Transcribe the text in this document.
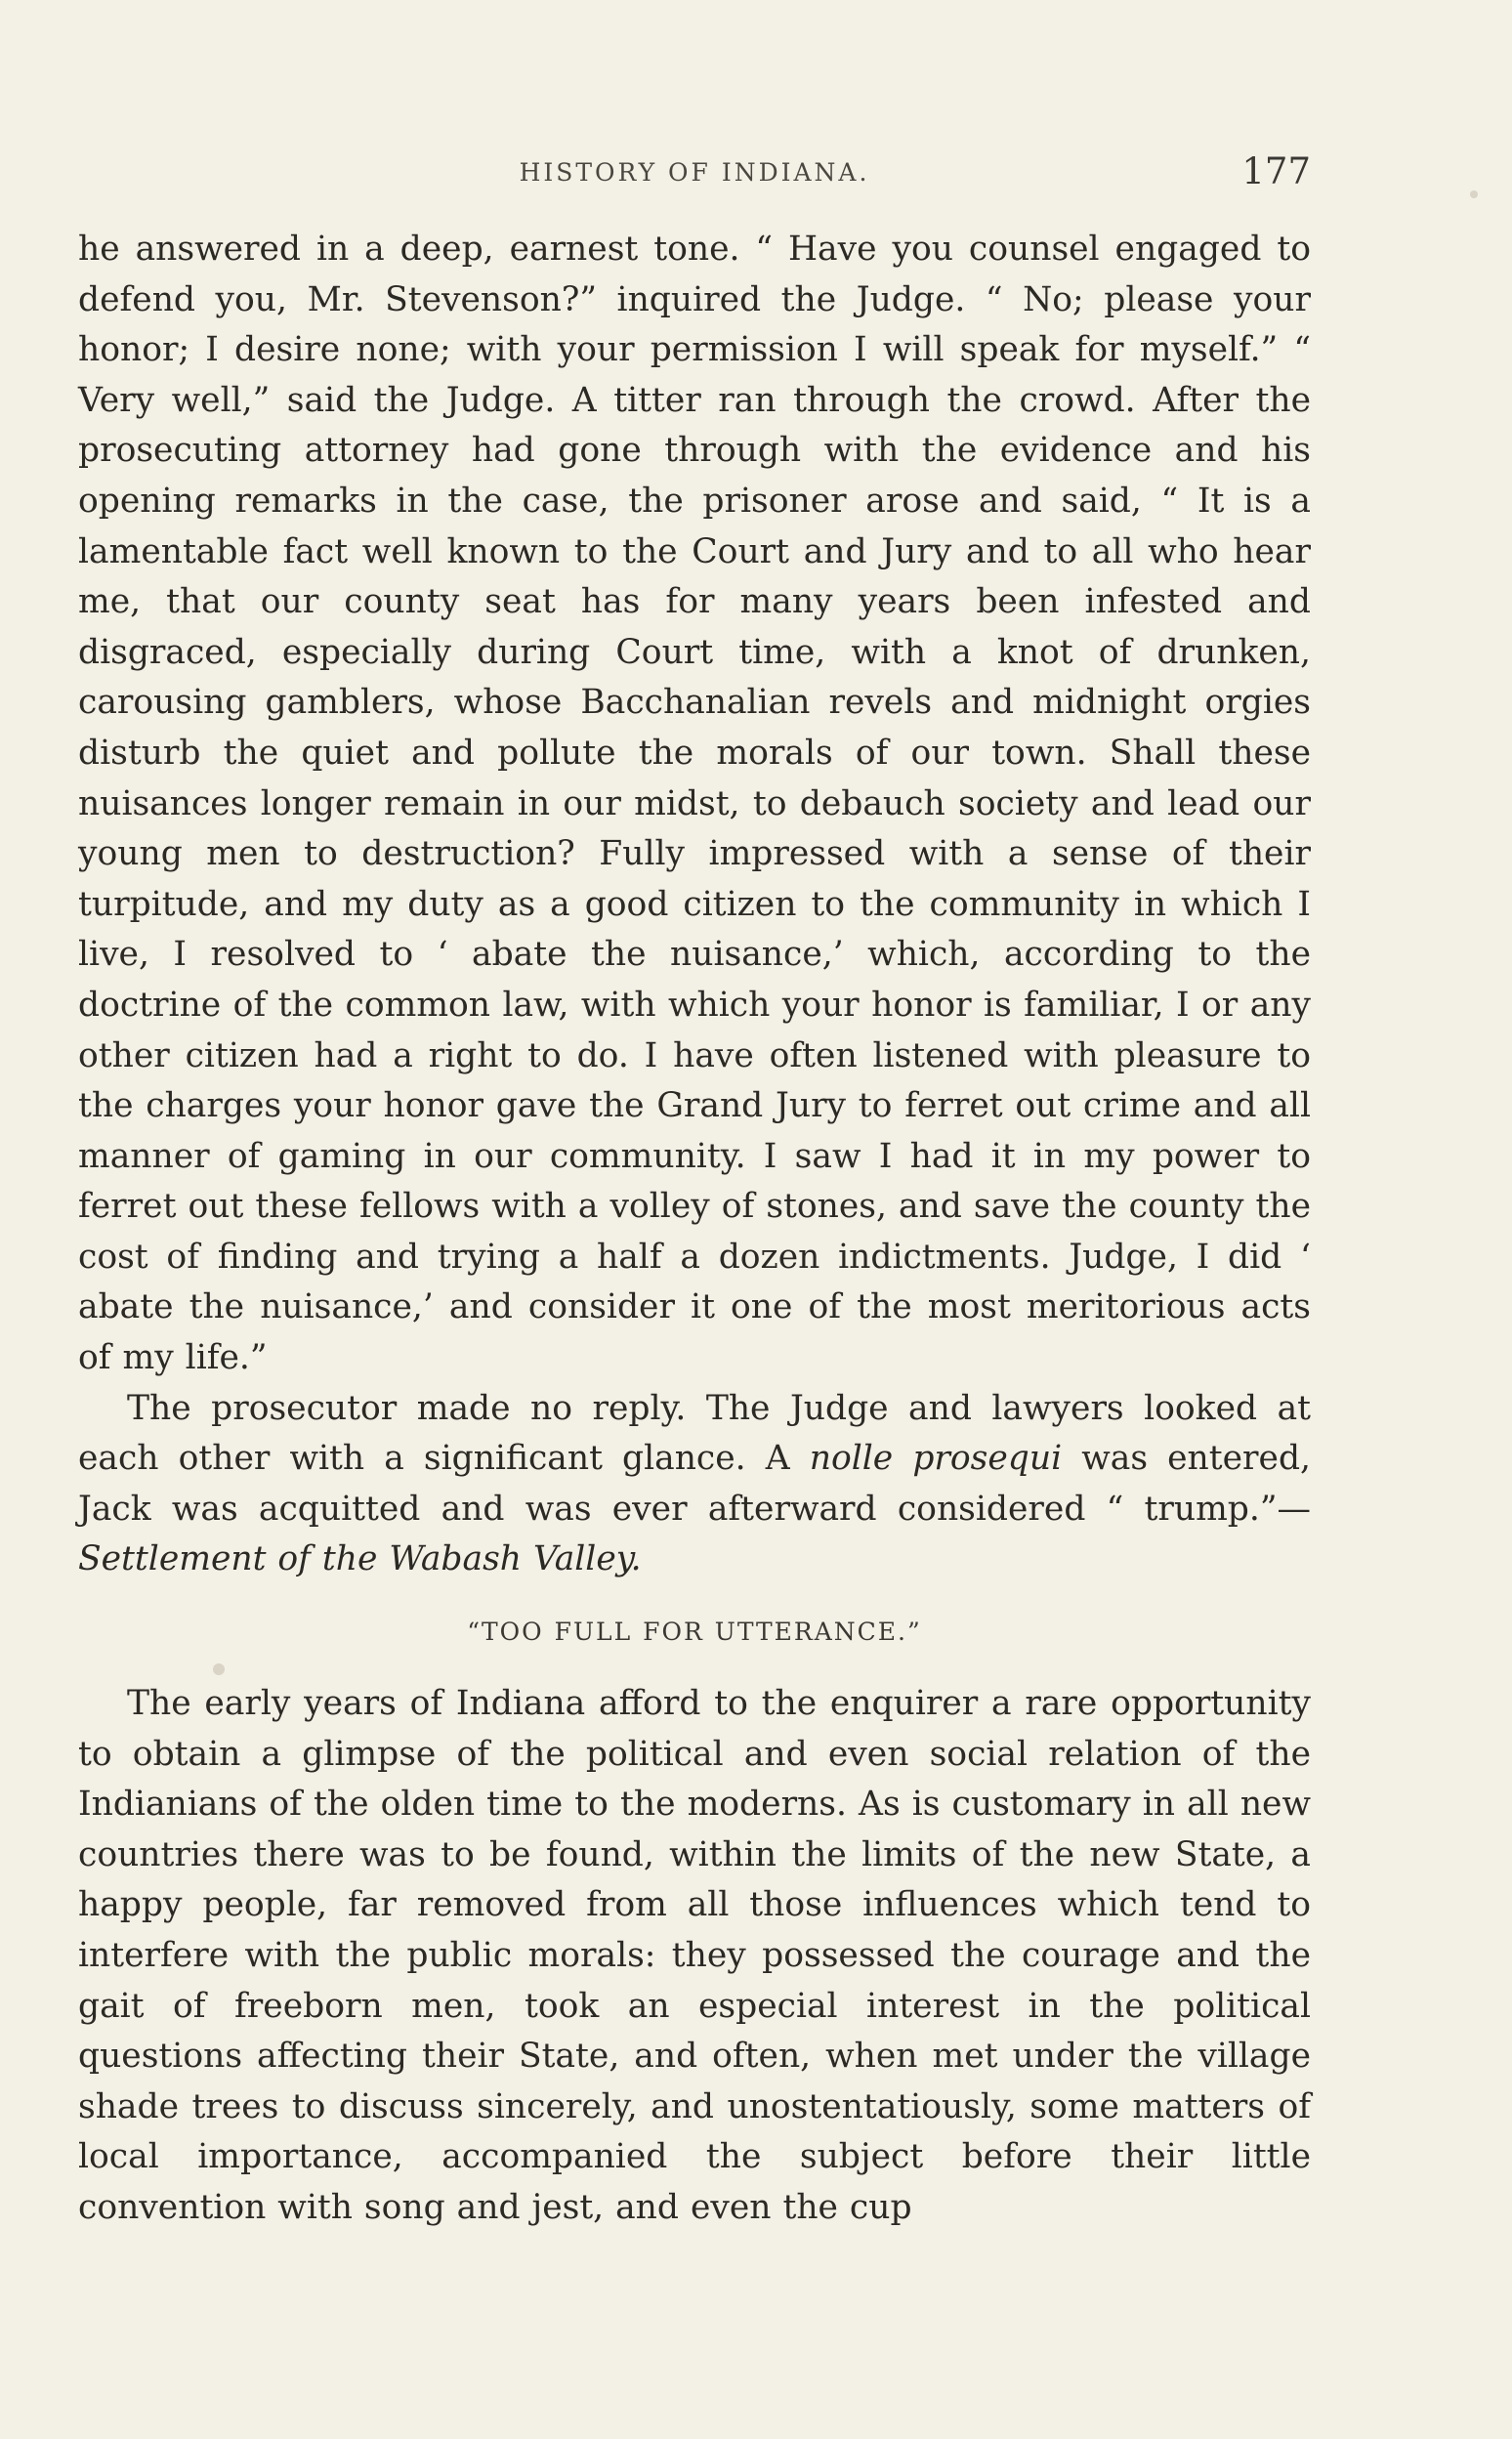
HISTORY OF INDIANA.	177

he answered in a deep, earnest tone. “ Have you counsel engaged to defend you, Mr. Stevenson?” inquired the Judge. “ No; please your honor; I desire none; with your permission I will speak for myself.” “ Very well,” said the Judge. A titter ran through the crowd. After the prosecuting attorney had gone through with the evidence and his opening remarks in the case, the prisoner arose and said, “ It is a lamentable fact well known to the Court and Jury and to all who hear me, that our county seat has for many years been infested and disgraced, especially during Court time, with a knot of drunken, carousing gamblers, whose Bacchanalian revels and midnight orgies disturb the quiet and pollute the morals of our town. Shall these nuisances longer remain in our midst, to debauch society and lead our young men to destruction? Fully impressed with a sense of their turpitude, and my duty as a good citizen to the community in which I live, I resolved to ‘ abate the nuisance,’ which, according to the doctrine of the common law, with which your honor is familiar, I or any other citizen had a right to do. I have often listened with pleasure to the charges your honor gave the Grand Jury to ferret out crime and all manner of gaming in our community. I saw I had it in my power to ferret out these fellows with a volley of stones, and save the county the cost of finding and trying a half a dozen indictments. Judge, I did ‘ abate the nuisance,’ and consider it one of the most meritorious acts of my life.”

The prosecutor made no reply. The Judge and lawyers looked at each other with a significant glance. A nolle prosequi was entered, Jack was acquitted and was ever afterward considered “ trump.”—Settlement of the Wabash Valley.

“TOO FULL FOR UTTERANCE.”

The early years of Indiana afford to the enquirer a rare opportunity to obtain a glimpse of the political and even social relation of the Indianians of the olden time to the moderns. As is customary in all new countries there was to be found, within the limits of the new State, a happy people, far removed from all those influences which tend to interfere with the public morals: they possessed the courage and the gait of freeborn men, took an especial interest in the political questions affecting their State, and often, when met under the village shade trees to discuss sincerely, and unostentatiously, some matters of local importance, accompanied the subject before their little convention with song and jest, and even the cup
